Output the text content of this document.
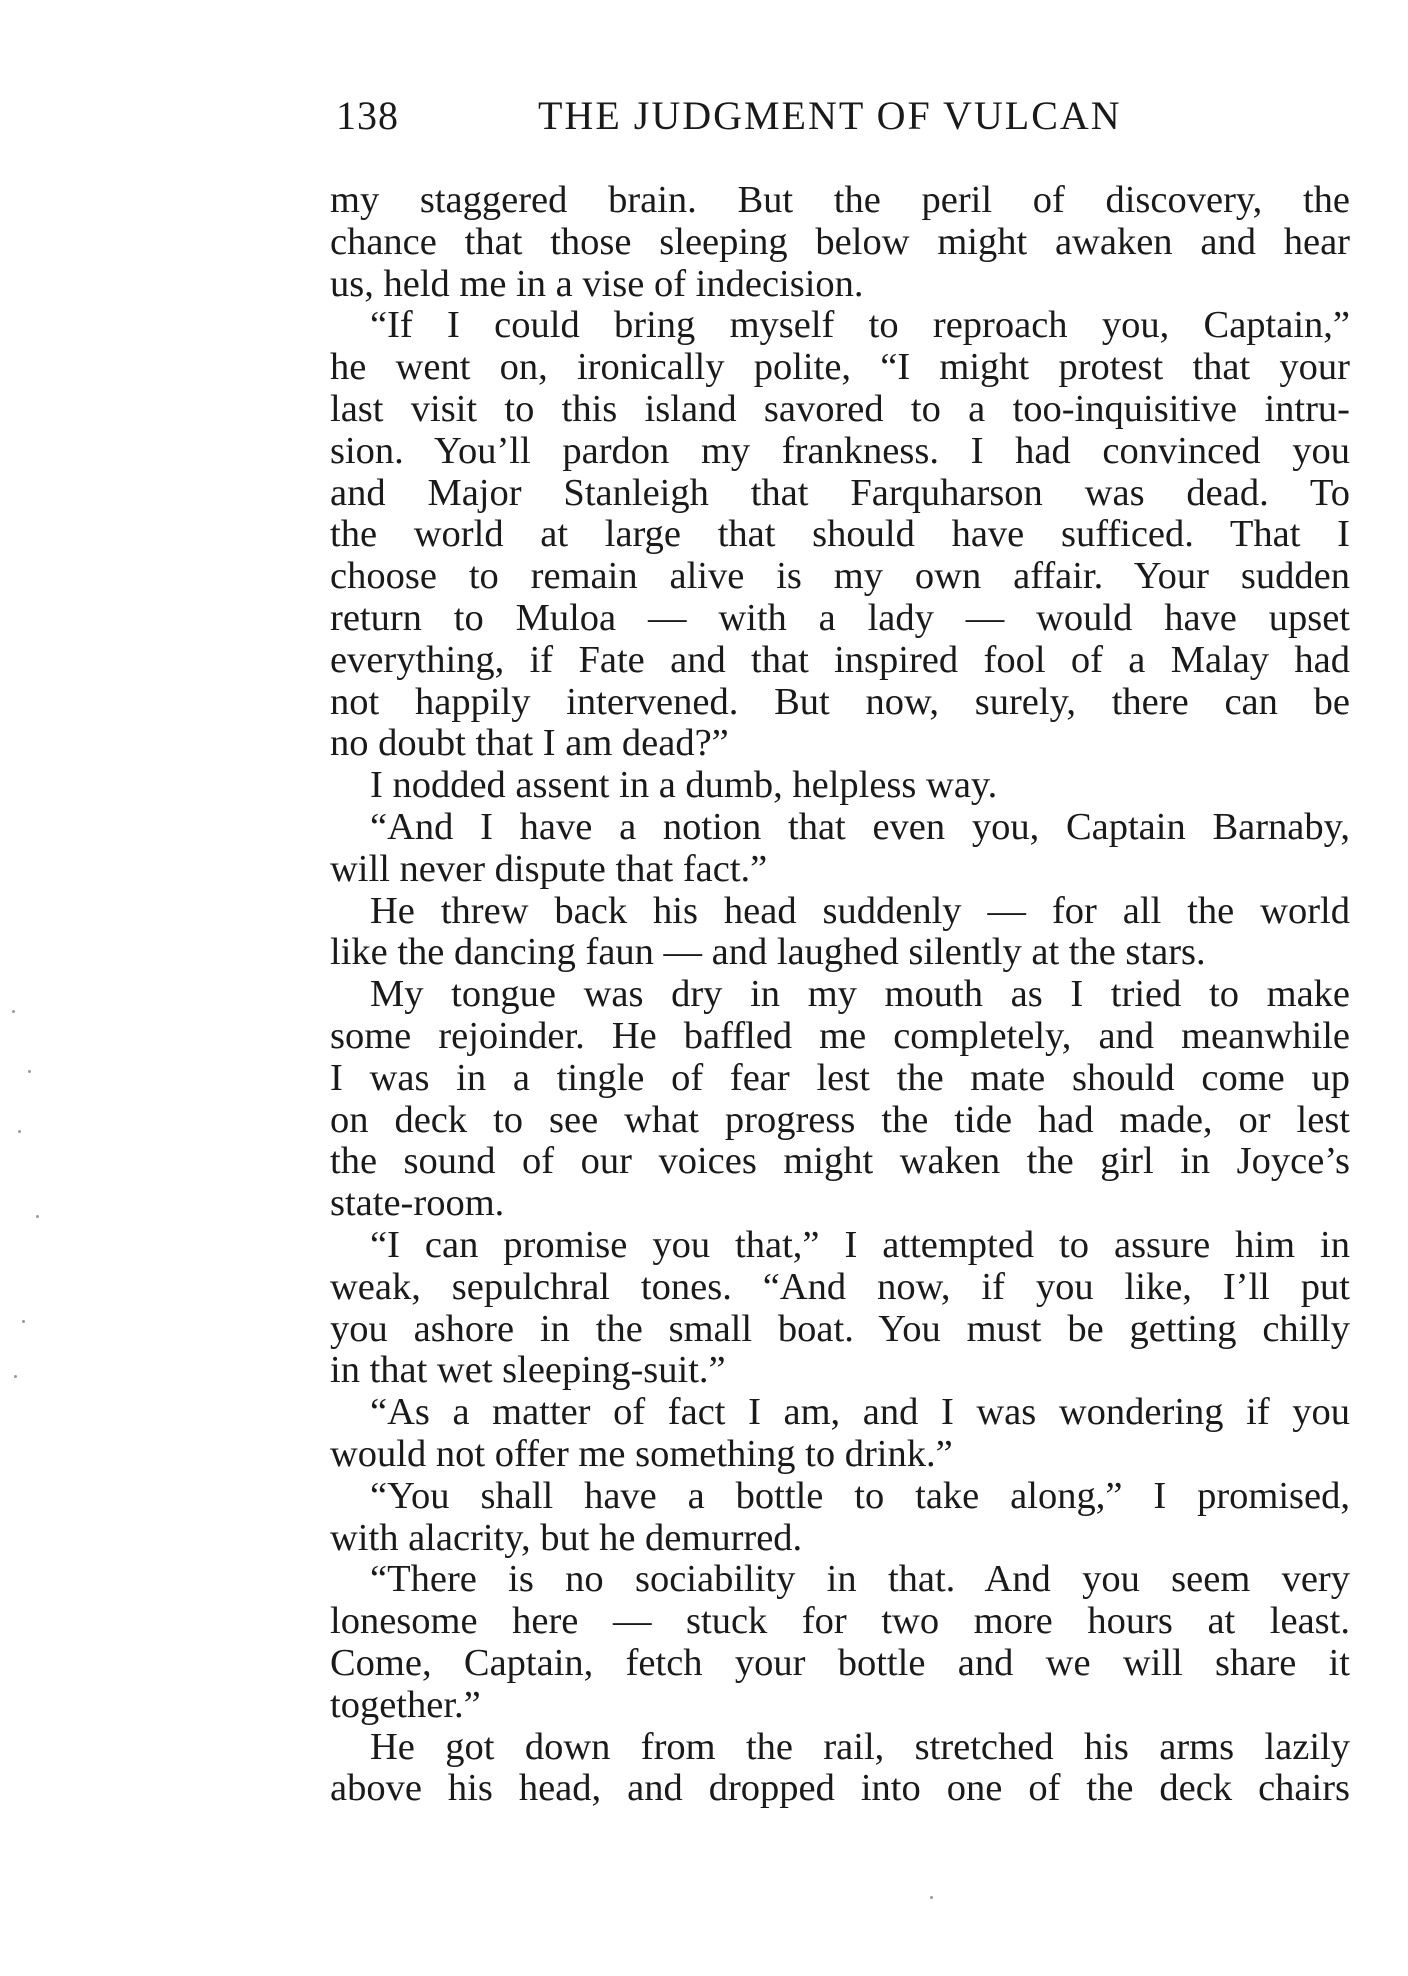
138	THE JUDGMENT OF VULCAN
my staggered brain. But the peril of discovery, the
chance that those sleeping below might awaken and hear
us, held me in a vise of indecision.
“If I could bring myself to reproach you, Captain,”
he went on, ironically polite, “I might protest that your
last visit to this island savored to a too-inquisitive intru-
sion. You’ll pardon my frankness. I had convinced you
and Major Stanleigh that Farquharson was dead. To
the world at large that should have sufficed. That I
choose to remain alive is my own affair. Your sudden
return to Muloa — with a lady — would have upset
everything, if Fate and that inspired fool of a Malay had
not happily intervened. But now, surely, there can be
no doubt that I am dead?”
I nodded assent in a dumb, helpless way.
“And I have a notion that even you, Captain Barnaby,
will never dispute that fact.”
He threw back his head suddenly — for all the world
like the dancing faun — and laughed silently at the stars.
My tongue was dry in my mouth as I tried to make
some rejoinder. He baffled me completely, and meanwhile
I was in a tingle of fear lest the mate should come up
on deck to see what progress the tide had made, or lest
the sound of our voices might waken the girl in Joyce’s
state-room.
“I can promise you that,” I attempted to assure him in
weak, sepulchral tones. “And now, if you like, I’ll put
you ashore in the small boat. You must be getting chilly
in that wet sleeping-suit.”
“As a matter of fact I am, and I was wondering if you
would not offer me something to drink.”
“You shall have a bottle to take along,” I promised,
with alacrity, but he demurred.
“There is no sociability in that. And you seem very
lonesome here — stuck for two more hours at least.
Come, Captain, fetch your bottle and we will share it
together.”
He got down from the rail, stretched his arms lazily
above his head, and dropped into one of the deck chairs
